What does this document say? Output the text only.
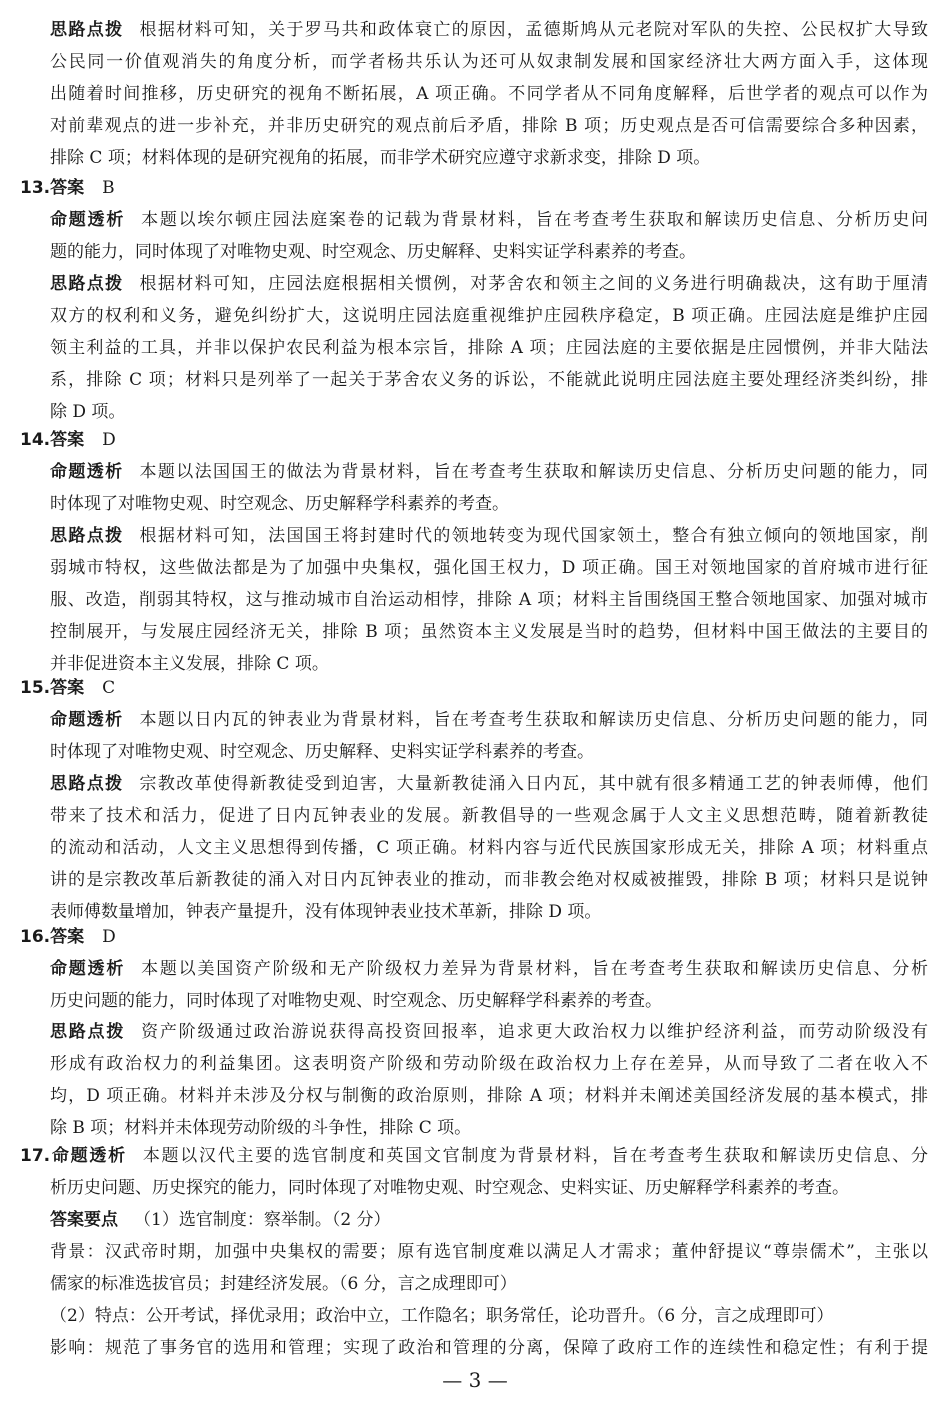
思路点拨 根据材料可知，关于罗马共和政体衰亡的原因，孟德斯鸠从元老院对军队的失控、公民权扩大导致
公民同一价值观消失的角度分析，而学者杨共乐认为还可从奴隶制发展和国家经济壮大两方面入手，这体现
出随着时间推移，历史研究的视角不断拓展，A 项正确。不同学者从不同角度解释，后世学者的观点可以作为
对前辈观点的进一步补充，并非历史研究的观点前后矛盾，排除 B 项；历史观点是否可信需要综合多种因素，
排除 C 项；材料体现的是研究视角的拓展，而非学术研究应遵守求新求变，排除 D 项。
13.答案 B
命题透析 本题以埃尔顿庄园法庭案卷的记载为背景材料，旨在考查考生获取和解读历史信息、分析历史问
题的能力，同时体现了对唯物史观、时空观念、历史解释、史料实证学科素养的考查。
思路点拨 根据材料可知，庄园法庭根据相关惯例，对茅舍农和领主之间的义务进行明确裁决，这有助于厘清
双方的权利和义务，避免纠纷扩大，这说明庄园法庭重视维护庄园秩序稳定，B 项正确。庄园法庭是维护庄园
领主利益的工具，并非以保护农民利益为根本宗旨，排除 A 项；庄园法庭的主要依据是庄园惯例，并非大陆法
系，排除 C 项；材料只是列举了一起关于茅舍农义务的诉讼，不能就此说明庄园法庭主要处理经济类纠纷，排
除 D 项。
14.答案 D
命题透析 本题以法国国王的做法为背景材料，旨在考查考生获取和解读历史信息、分析历史问题的能力，同
时体现了对唯物史观、时空观念、历史解释学科素养的考查。
思路点拨 根据材料可知，法国国王将封建时代的领地转变为现代国家领土，整合有独立倾向的领地国家，削
弱城市特权，这些做法都是为了加强中央集权，强化国王权力，D 项正确。国王对领地国家的首府城市进行征
服、改造，削弱其特权，这与推动城市自治运动相悖，排除 A 项；材料主旨围绕国王整合领地国家、加强对城市
控制展开，与发展庄园经济无关，排除 B 项；虽然资本主义发展是当时的趋势，但材料中国王做法的主要目的
并非促进资本主义发展，排除 C 项。
15.答案 C
命题透析 本题以日内瓦的钟表业为背景材料，旨在考查考生获取和解读历史信息、分析历史问题的能力，同
时体现了对唯物史观、时空观念、历史解释、史料实证学科素养的考查。
思路点拨 宗教改革使得新教徒受到迫害，大量新教徒涌入日内瓦，其中就有很多精通工艺的钟表师傅，他们
带来了技术和活力，促进了日内瓦钟表业的发展。新教倡导的一些观念属于人文主义思想范畴，随着新教徒
的流动和活动，人文主义思想得到传播，C 项正确。材料内容与近代民族国家形成无关，排除 A 项；材料重点
讲的是宗教改革后新教徒的涌入对日内瓦钟表业的推动，而非教会绝对权威被摧毁，排除 B 项；材料只是说钟
表师傅数量增加，钟表产量提升，没有体现钟表业技术革新，排除 D 项。
16.答案 D
命题透析 本题以美国资产阶级和无产阶级权力差异为背景材料，旨在考查考生获取和解读历史信息、分析
历史问题的能力，同时体现了对唯物史观、时空观念、历史解释学科素养的考查。
思路点拨 资产阶级通过政治游说获得高投资回报率，追求更大政治权力以维护经济利益，而劳动阶级没有
形成有政治权力的利益集团。这表明资产阶级和劳动阶级在政治权力上存在差异，从而导致了二者在收入不
均，D 项正确。材料并未涉及分权与制衡的政治原则，排除 A 项；材料并未阐述美国经济发展的基本模式，排
除 B 项；材料并未体现劳动阶级的斗争性，排除 C 项。
17.命题透析 本题以汉代主要的选官制度和英国文官制度为背景材料，旨在考查考生获取和解读历史信息、分
析历史问题、历史探究的能力，同时体现了对唯物史观、时空观念、史料实证、历史解释学科素养的考查。
答案要点 （1）选官制度：察举制。（2 分）
背景：汉武帝时期，加强中央集权的需要；原有选官制度难以满足人才需求；董仲舒提议“尊崇儒术”，主张以
儒家的标准选拔官员；封建经济发展。（6 分，言之成理即可）
（2）特点：公开考试，择优录用；政治中立，工作隐名；职务常任，论功晋升。（6 分，言之成理即可）
影响：规范了事务官的选用和管理；实现了政治和管理的分离，保障了政府工作的连续性和稳定性；有利于提
— 3 —
